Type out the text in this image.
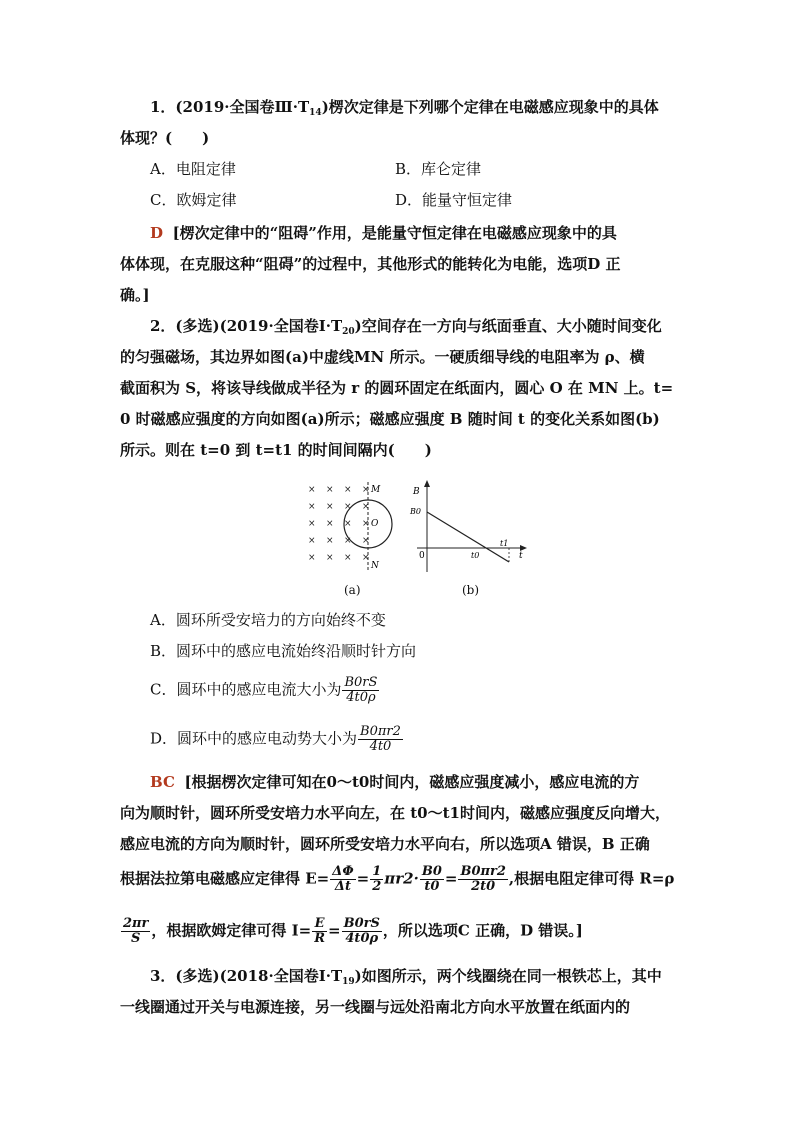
1．(2019·全国卷$Ⅲ\cdot T_{14}$)楞次定律是下列哪个定律在电磁感应现象中的具体
体现？(　　)
A．电阻定律	B．库仑定律
C．欧姆定律	D．能量守恒定律
D [楞次定律中的“阻碍”作用，是能量守恒定律在电磁感应现象中的具
体体现，在克服这种“阻碍”的过程中，其他形式的能转化为电能，选项D 正
确。]
2．(多选)(2019·全国卷$Ⅰ\cdot T_{20}$)空间存在一方向与纸面垂直、大小随时间变化
的匀强磁场，其边界如图(a)中虚线MN 所示。一硬质细导线的电阻率为 ρ、横
截面积为 S，将该导线做成半径为 r 的圆环固定在纸面内，圆心 O 在 MN 上。t=
0 时磁感应强度的方向如图(a)所示；磁感应强度 B 随时间 t 的变化关系如图(b)
所示。则在 t=0 到 t=t1 的时间间隔内(　　)
× × × ×
× × × ×
× × × ×
× × × ×
× × × ×
M
O
N
(a)
B
B0
0	t0
t1
t
(b)
A．圆环所受安培力的方向始终不变
B．圆环中的感应电流始终沿顺时针方向
C．圆环中的感应电流大小为 $\frac{B0rS}{4t0\rho}$
D．圆环中的感应电动势大小为 $\frac{B0\pi r2}{4t0}$
BC [根据楞次定律可知在0～t0时间内，磁感应强度减小，感应电流的方
向为顺时针，圆环所受安培力水平向左，在 t0～t1时间内，磁感应强度反向增大，
感应电流的方向为顺时针，圆环所受安培力水平向右，所以选项A 错误，B 正确
根据法拉第电磁感应定律得 $E= \frac{\Delta\Phi}{\Delta t} = \frac{1}{2} \pi r2\cdot \frac{B0}{t0} = \frac{B0\pi r2}{2t0}$ ,根据电阻定律可得 R=ρ
$\frac{2\pi r}{S}$ ，根据欧姆定律可得 $I= \frac{E}{R} = \frac{B0rS}{4t0\rho}$ ，所以选项C 正确，D 错误。]
3．(多选)(2018·全国卷$Ⅰ\cdot T_{19}$)如图所示，两个线圈绕在同一根铁芯上，其中
一线圈通过开关与电源连接，另一线圈与远处沿南北方向水平放置在纸面内的
